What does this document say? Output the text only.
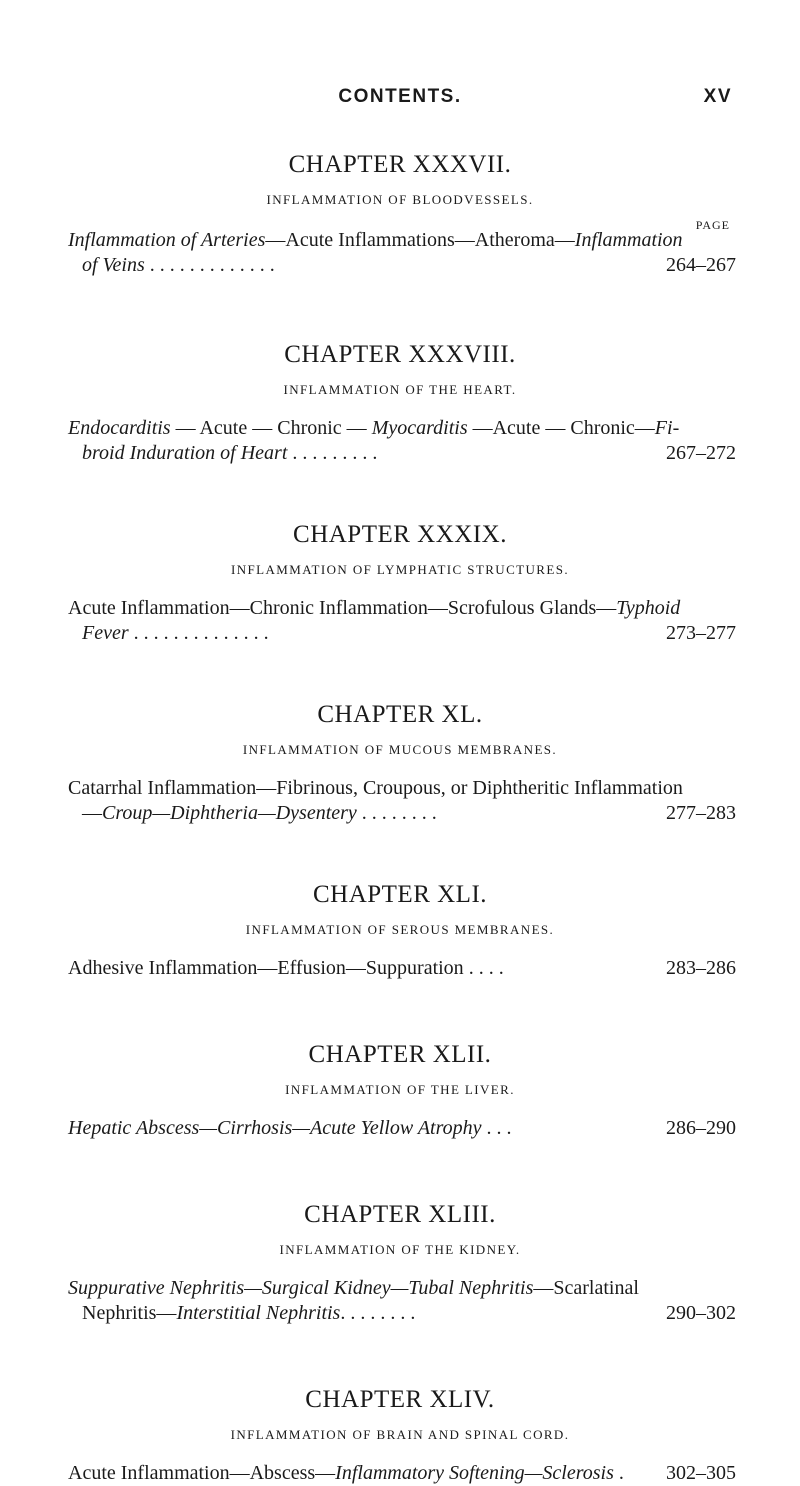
CONTENTS.	XV
CHAPTER XXXVII.
INFLAMMATION OF BLOODVESSELS.
PAGE
Inflammation of Arteries—Acute Inflammations—Atheroma—Inflammation
of Veins . . . . . . . . . . . . .	264–267
CHAPTER XXXVIII.
INFLAMMATION OF THE HEART.
Endocarditis — Acute — Chronic — Myocarditis —Acute — Chronic—Fi-
broid Induration of Heart . . . . . . . . .	267–272
CHAPTER XXXIX.
INFLAMMATION OF LYMPHATIC STRUCTURES.
Acute Inflammation—Chronic Inflammation—Scrofulous Glands—Typhoid
Fever . . . . . . . . . . . . . .	273–277
CHAPTER XL.
INFLAMMATION OF MUCOUS MEMBRANES.
Catarrhal Inflammation—Fibrinous, Croupous, or Diphtheritic Inflammation
—Croup—Diphtheria—Dysentery . . . . . . . .	277–283
CHAPTER XLI.
INFLAMMATION OF SEROUS MEMBRANES.
Adhesive Inflammation—Effusion—Suppuration . . . .	283–286
CHAPTER XLII.
INFLAMMATION OF THE LIVER.
Hepatic Abscess—Cirrhosis—Acute Yellow Atrophy . . .	286–290
CHAPTER XLIII.
INFLAMMATION OF THE KIDNEY.
Suppurative Nephritis—Surgical Kidney—Tubal Nephritis—Scarlatinal
Nephritis—Interstitial Nephritis. . . . . . . .	290–302
CHAPTER XLIV.
INFLAMMATION OF BRAIN AND SPINAL CORD.
Acute Inflammation—Abscess—Inflammatory Softening—Sclerosis . 302–305
